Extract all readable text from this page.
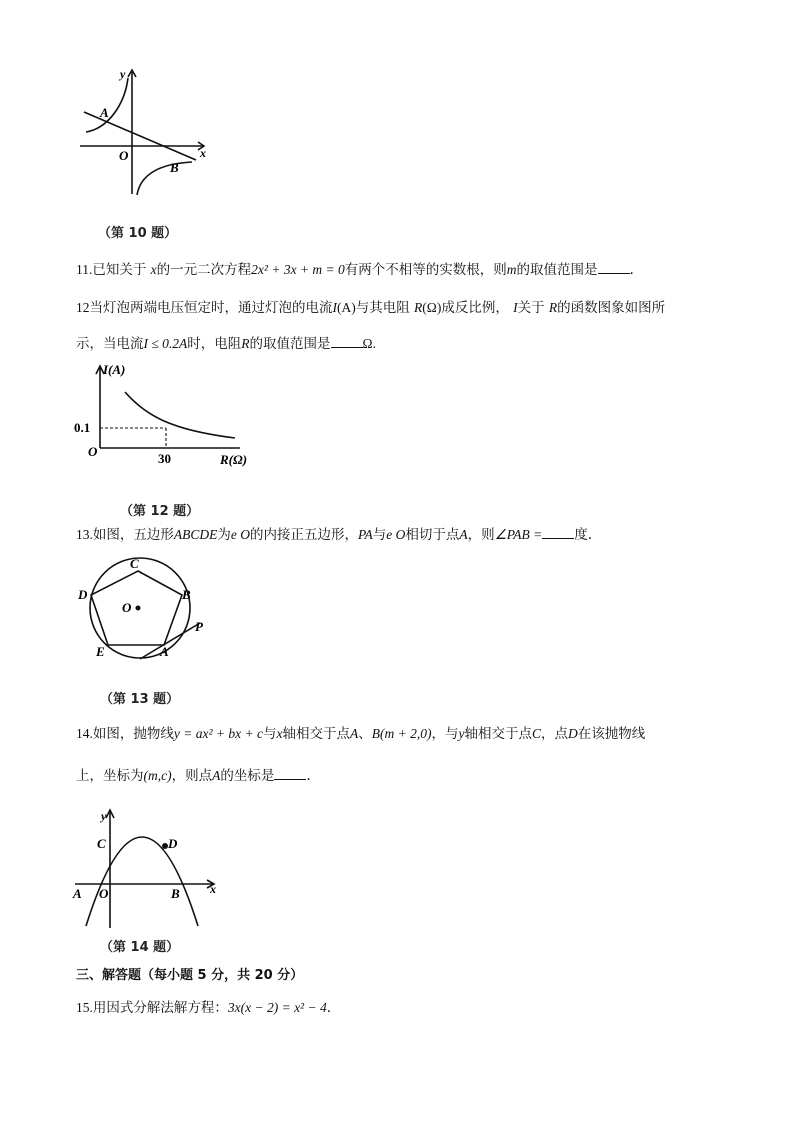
y
x
O
A
B
（第 10 题）
11.已知关于 x的一元二次方程2x² + 3x + m = 0有两个不相等的实数根，则m的取值范围是 .
12当灯泡两端电压恒定时，通过灯泡的电流I(A)与其电阻 R(Ω)成反比例， I关于 R的函数图象如图所
示，当电流I ≤ 0.2A时，电阻R的取值范围是 Ω.
I(A)
R(Ω)
O
0.1
30
（第 12 题）
13.如图，五边形ABCDE为e O的内接正五边形，PA与e O相切于点A，则∠PAB = 度.
C
B
D
E	A
O
P
（第 13 题）
14.如图，抛物线y = ax² + bx + c与x轴相交于点A、B(m + 2,0)，与y轴相交于点C，点D在该抛物线
上，坐标为(m,c)，则点A的坐标是 .
y
x
O
A	B
C	D
（第 14 题）
三、解答题（每小题 5 分，共 20 分）
15.用因式分解法解方程：3x(x − 2) = x² − 4.
